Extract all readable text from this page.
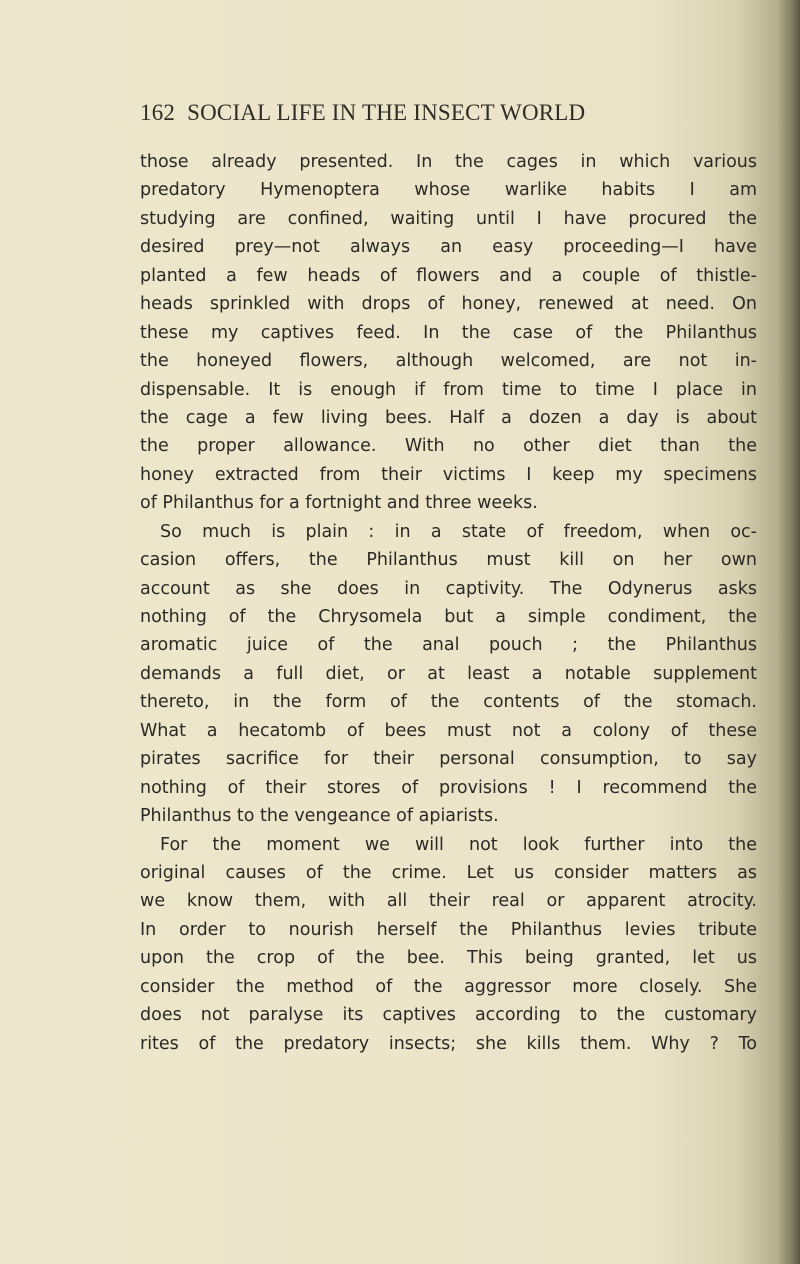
162 SOCIAL LIFE IN THE INSECT WORLD
those already presented. In the cages in which various
predatory Hymenoptera whose warlike habits I am
studying are confined, waiting until I have procured the
desired prey—not always an easy proceeding—I have
planted a few heads of flowers and a couple of thistle-
heads sprinkled with drops of honey, renewed at need. On
these my captives feed. In the case of the Philanthus
the honeyed flowers, although welcomed, are not in-
dispensable. It is enough if from time to time I place in
the cage a few living bees. Half a dozen a day is about
the proper allowance. With no other diet than the
honey extracted from their victims I keep my specimens
of Philanthus for a fortnight and three weeks.
So much is plain : in a state of freedom, when oc-
casion offers, the Philanthus must kill on her own
account as she does in captivity. The Odynerus asks
nothing of the Chrysomela but a simple condiment, the
aromatic juice of the anal pouch ; the Philanthus
demands a full diet, or at least a notable supplement
thereto, in the form of the contents of the stomach.
What a hecatomb of bees must not a colony of these
pirates sacrifice for their personal consumption, to say
nothing of their stores of provisions ! I recommend the
Philanthus to the vengeance of apiarists.
For the moment we will not look further into the
original causes of the crime. Let us consider matters as
we know them, with all their real or apparent atrocity.
In order to nourish herself the Philanthus levies tribute
upon the crop of the bee. This being granted, let us
consider the method of the aggressor more closely. She
does not paralyse its captives according to the customary
rites of the predatory insects; she kills them. Why ? To
